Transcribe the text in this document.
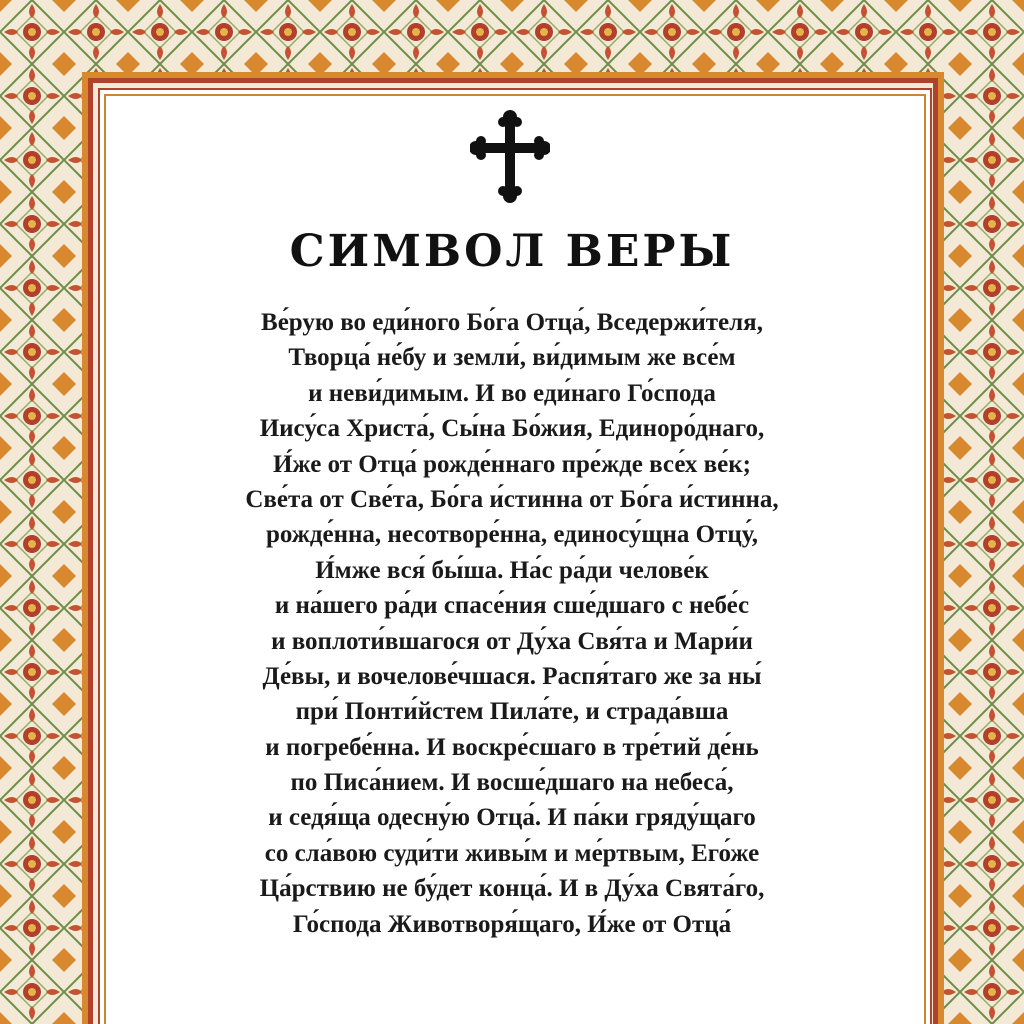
СИМВОЛ ВЕРЫ
Ве́рую во еди́ного Бо́га Отца́, Вседержи́теля,
Творца́ не́бу и земли́, ви́димым же все́м
и неви́димым. И во еди́наго Го́спода
Иису́са Христа́, Сы́на Бо́жия, Единоро́днаго,
И́же от Отца́ рожде́ннаго пре́жде все́х ве́к;
Све́та от Све́та, Бо́га и́стинна от Бо́га и́стинна,
рожде́нна, несотворе́нна, единосу́щна Отцу́,
И́мже вся́ бы́ша. На́с ра́ди челове́к
и на́шего ра́ди спасе́ния сше́дшаго с небе́с
и воплоти́вшагося от Ду́ха Свя́та и Мари́и
Де́вы, и вочелове́чшася. Распя́таго же за ны́
при́ Понти́йстем Пила́те, и страда́вша
и погребе́нна. И воскре́сшаго в тре́тий де́нь
по Писа́нием. И восше́дшаго на небеса́,
и седя́ща одесну́ю Отца́. И па́ки гряду́щаго
со сла́вою суди́ти живы́м и ме́ртвым, Его́же
Ца́рствию не бу́дет конца́. И в Ду́ха Свята́го,
Го́спода Животворя́щаго, И́же от Отца́
